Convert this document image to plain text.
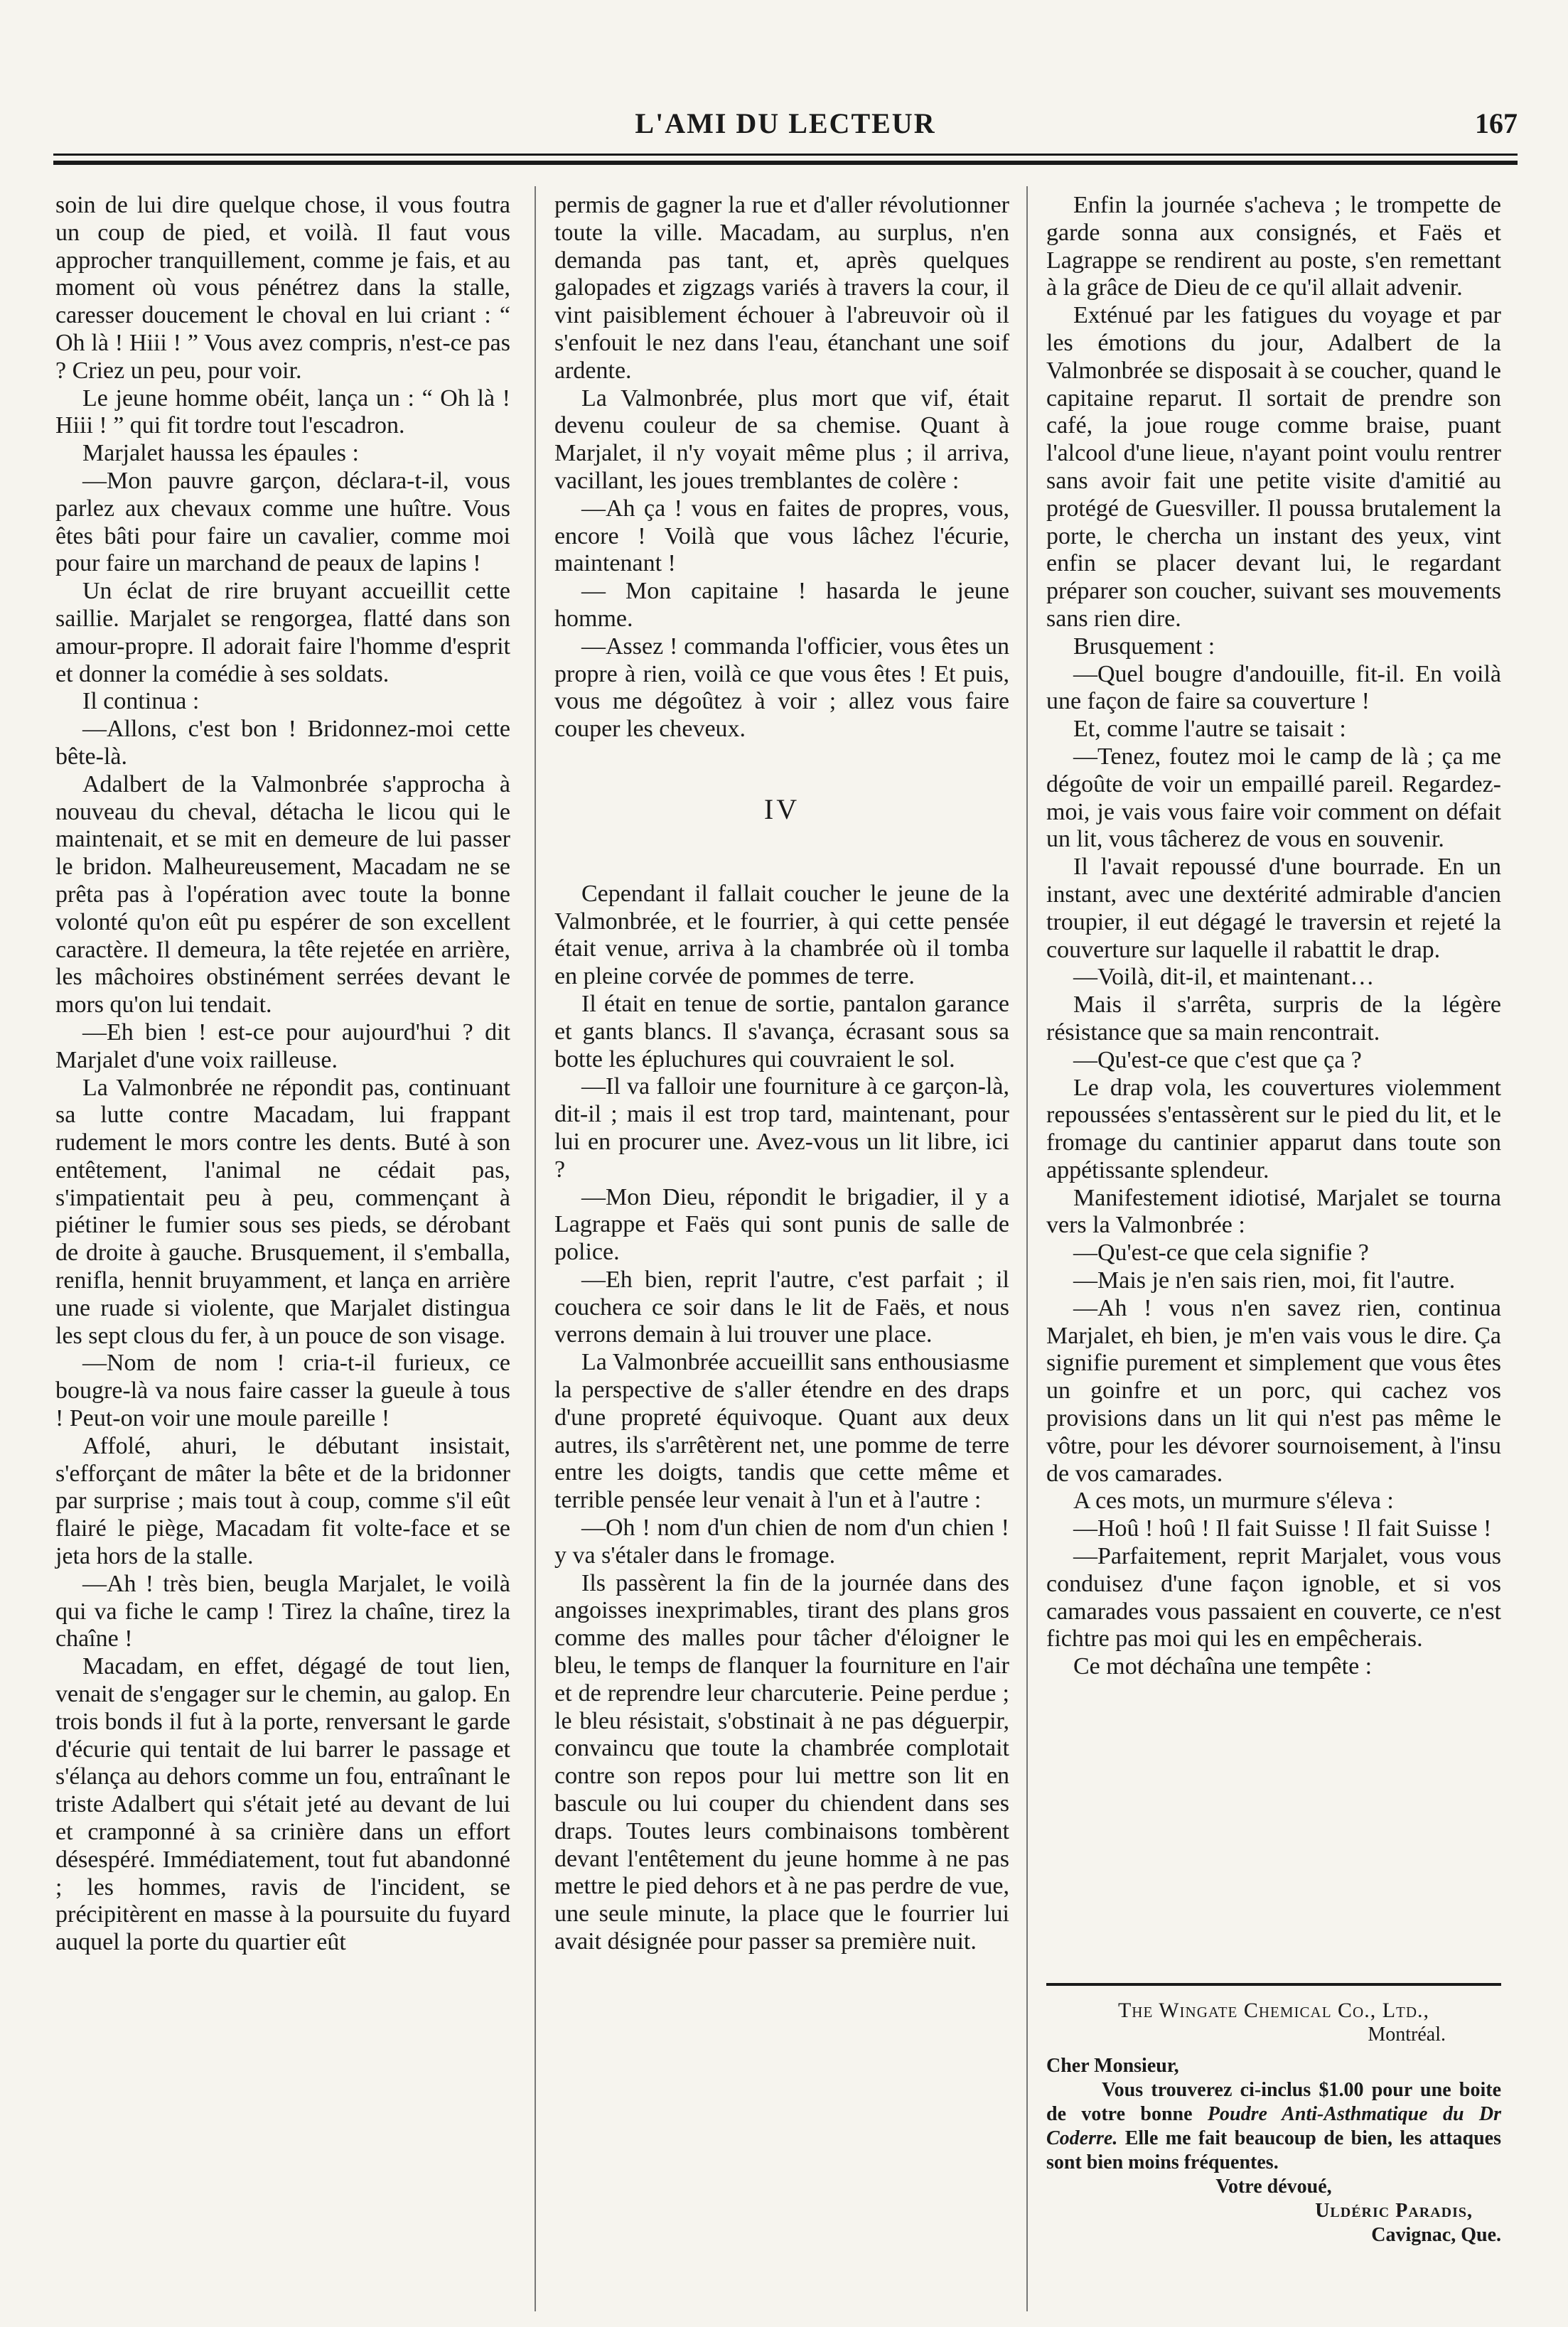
L'AMI DU LECTEUR	167

soin de lui dire quelque chose, il vous foutra un coup de pied, et voilà. Il faut vous approcher tranquillement, comme je fais, et au moment où vous pénétrez dans la stalle, caresser doucement le choval en lui criant : “ Oh là ! Hiii ! ” Vous avez compris, n'est-ce pas ? Criez un peu, pour voir.

Le jeune homme obéit, lança un : “ Oh là ! Hiii ! ” qui fit tordre tout l'escadron.

Marjalet haussa les épaules :

—Mon pauvre garçon, déclara-t-il, vous parlez aux chevaux comme une huître. Vous êtes bâti pour faire un cavalier, comme moi pour faire un marchand de peaux de lapins !

Un éclat de rire bruyant accueillit cette saillie. Marjalet se rengorgea, flatté dans son amour-propre. Il adorait faire l'homme d'esprit et donner la comédie à ses soldats.

Il continua :

—Allons, c'est bon ! Bridonnez-moi cette bête-là.

Adalbert de la Valmonbrée s'approcha à nouveau du cheval, détacha le licou qui le maintenait, et se mit en demeure de lui passer le bridon. Malheureusement, Macadam ne se prêta pas à l'opération avec toute la bonne volonté qu'on eût pu espérer de son excellent caractère. Il demeura, la tête rejetée en arrière, les mâchoires obstinément serrées devant le mors qu'on lui tendait.

—Eh bien ! est-ce pour aujourd'hui ? dit Marjalet d'une voix railleuse.

La Valmonbrée ne répondit pas, continuant sa lutte contre Macadam, lui frappant rudement le mors contre les dents. Buté à son entêtement, l'animal ne cédait pas, s'impatientait peu à peu, commençant à piétiner le fumier sous ses pieds, se dérobant de droite à gauche. Brusquement, il s'emballa, renifla, hennit bruyamment, et lança en arrière une ruade si violente, que Marjalet distingua les sept clous du fer, à un pouce de son visage.

—Nom de nom ! cria-t-il furieux, ce bougre-là va nous faire casser la gueule à tous ! Peut-on voir une moule pareille !

Affolé, ahuri, le débutant insistait, s'efforçant de mâter la bête et de la bridonner par surprise ; mais tout à coup, comme s'il eût flairé le piège, Macadam fit volte-face et se jeta hors de la stalle.

—Ah ! très bien, beugla Marjalet, le voilà qui va fiche le camp ! Tirez la chaîne, tirez la chaîne !

Macadam, en effet, dégagé de tout lien, venait de s'engager sur le chemin, au galop. En trois bonds il fut à la porte, renversant le garde d'écurie qui tentait de lui barrer le passage et s'élança au dehors comme un fou, entraînant le triste Adalbert qui s'était jeté au devant de lui et cramponné à sa crinière dans un effort désespéré. Immédiatement, tout fut abandonné ; les hommes, ravis de l'incident, se précipitèrent en masse à la poursuite du fuyard auquel la porte du quartier eût

permis de gagner la rue et d'aller révolutionner toute la ville. Macadam, au surplus, n'en demanda pas tant, et, après quelques galopades et zigzags variés à travers la cour, il vint paisiblement échouer à l'abreuvoir où il s'enfouit le nez dans l'eau, étanchant une soif ardente.

La Valmonbrée, plus mort que vif, était devenu couleur de sa chemise. Quant à Marjalet, il n'y voyait même plus ; il arriva, vacillant, les joues tremblantes de colère :

—Ah ça ! vous en faites de propres, vous, encore ! Voilà que vous lâchez l'écurie, maintenant !

— Mon capitaine ! hasarda le jeune homme.

—Assez ! commanda l'officier, vous êtes un propre à rien, voilà ce que vous êtes ! Et puis, vous me dégoûtez à voir ; allez vous faire couper les cheveux.

IV

Cependant il fallait coucher le jeune de la Valmonbrée, et le fourrier, à qui cette pensée était venue, arriva à la chambrée où il tomba en pleine corvée de pommes de terre.

Il était en tenue de sortie, pantalon garance et gants blancs. Il s'avança, écrasant sous sa botte les épluchures qui couvraient le sol.

—Il va falloir une fourniture à ce garçon-là, dit-il ; mais il est trop tard, maintenant, pour lui en procurer une. Avez-vous un lit libre, ici ?

—Mon Dieu, répondit le brigadier, il y a Lagrappe et Faës qui sont punis de salle de police.

—Eh bien, reprit l'autre, c'est parfait ; il couchera ce soir dans le lit de Faës, et nous verrons demain à lui trouver une place.

La Valmonbrée accueillit sans enthousiasme la perspective de s'aller étendre en des draps d'une propreté équivoque. Quant aux deux autres, ils s'arrêtèrent net, une pomme de terre entre les doigts, tandis que cette même et terrible pensée leur venait à l'un et à l'autre :

—Oh ! nom d'un chien de nom d'un chien ! y va s'étaler dans le fromage.

Ils passèrent la fin de la journée dans des angoisses inexprimables, tirant des plans gros comme des malles pour tâcher d'éloigner le bleu, le temps de flanquer la fourniture en l'air et de reprendre leur charcuterie. Peine perdue ; le bleu résistait, s'obstinait à ne pas déguerpir, convaincu que toute la chambrée complotait contre son repos pour lui mettre son lit en bascule ou lui couper du chiendent dans ses draps. Toutes leurs combinaisons tombèrent devant l'entêtement du jeune homme à ne pas mettre le pied dehors et à ne pas perdre de vue, une seule minute, la place que le fourrier lui avait désignée pour passer sa première nuit.

Enfin la journée s'acheva ; le trompette de garde sonna aux consignés, et Faës et Lagrappe se rendirent au poste, s'en remettant à la grâce de Dieu de ce qu'il allait advenir.

Exténué par les fatigues du voyage et par les émotions du jour, Adalbert de la Valmonbrée se disposait à se coucher, quand le capitaine reparut. Il sortait de prendre son café, la joue rouge comme braise, puant l'alcool d'une lieue, n'ayant point voulu rentrer sans avoir fait une petite visite d'amitié au protégé de Guesviller. Il poussa brutalement la porte, le chercha un instant des yeux, vint enfin se placer devant lui, le regardant préparer son coucher, suivant ses mouvements sans rien dire.

Brusquement :

—Quel bougre d'andouille, fit-il. En voilà une façon de faire sa couverture !

Et, comme l'autre se taisait :

—Tenez, foutez moi le camp de là ; ça me dégoûte de voir un empaillé pareil. Regardez-moi, je vais vous faire voir comment on défait un lit, vous tâcherez de vous en souvenir.

Il l'avait repoussé d'une bourrade. En un instant, avec une dextérité admirable d'ancien troupier, il eut dégagé le traversin et rejeté la couverture sur laquelle il rabattit le drap.

—Voilà, dit-il, et maintenant…

Mais il s'arrêta, surpris de la légère résistance que sa main rencontrait.

—Qu'est-ce que c'est que ça ?

Le drap vola, les couvertures violemment repoussées s'entassèrent sur le pied du lit, et le fromage du cantinier apparut dans toute son appétissante splendeur.

Manifestement idiotisé, Marjalet se tourna vers la Valmonbrée :

—Qu'est-ce que cela signifie ?

—Mais je n'en sais rien, moi, fit l'autre.

—Ah ! vous n'en savez rien, continua Marjalet, eh bien, je m'en vais vous le dire. Ça signifie purement et simplement que vous êtes un goinfre et un porc, qui cachez vos provisions dans un lit qui n'est pas même le vôtre, pour les dévorer sournoisement, à l'insu de vos camarades.

A ces mots, un murmure s'éleva :

—Hoû ! hoû ! Il fait Suisse ! Il fait Suisse !

—Parfaitement, reprit Marjalet, vous vous conduisez d'une façon ignoble, et si vos camarades vous passaient en couverte, ce n'est fichtre pas moi qui les en empêcherais.

Ce mot déchaîna une tempête :

The Wingate Chemical Co., Ltd.,
Montréal.
Cher Monsieur,
Vous trouverez ci-inclus $1.00 pour une boite de votre bonne Poudre Anti-Asthmatique du Dr Coderre. Elle me fait beaucoup de bien, les attaques sont bien moins fréquentes.
Votre dévoué,
Uldéric Paradis,
Cavignac, Que.
